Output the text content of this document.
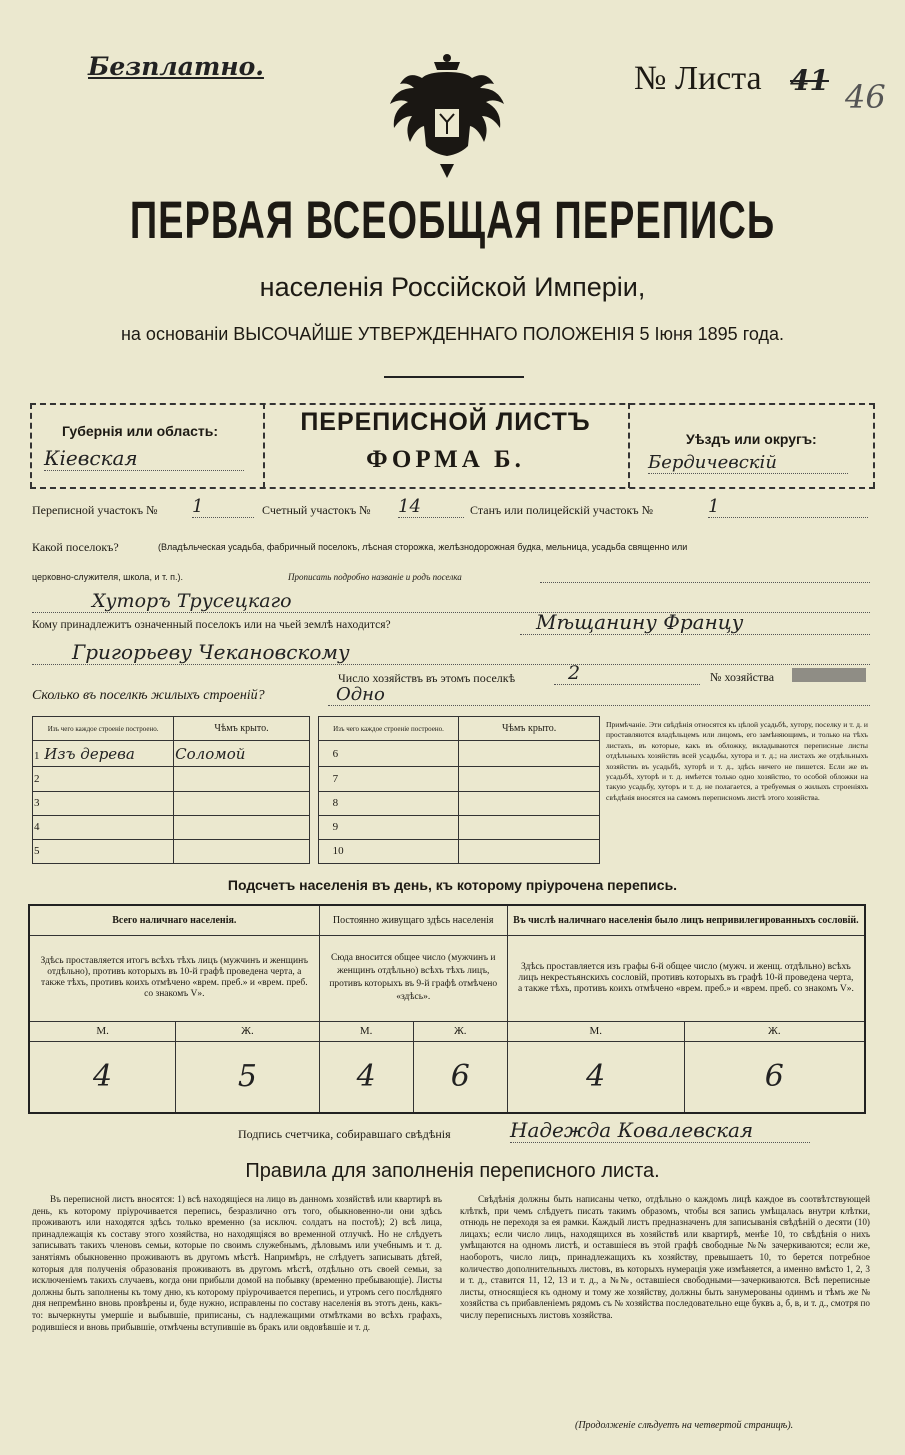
Безплатно.	№ Листа 41 46
ПЕРВАЯ ВСЕОБЩАЯ ПЕРЕПИСЬ
населенія Россійской Имперіи,
на основаніи ВЫСОЧАЙШЕ УТВЕРЖДЕННАГО ПОЛОЖЕНІЯ 5 Іюня 1895 года.
Губернія или область:
Кіевская
ПЕРЕПИСНОЙ ЛИСТЪ
ФОРМА Б.
Уѣздъ или округъ:
Бердичевскій
Переписной участокъ № 1	Счетный участокъ № 14	Станъ или полицейскій участокъ №	1
Какой поселокъ?	(Владѣльческая усадьба, фабричный поселокъ, лѣсная сторожка, желѣзнодорожная будка, мельница, усадьба священно или
церковно-служителя, школа, и т. п.).	Прописать подробно названіе и родъ поселка
Хуторъ Трусецкаго
Кому принадлежитъ означенный поселокъ или на чьей землѣ находится?	Мѣщанину Францу
Григорьеву Чекановскому
Число хозяйствъ въ этомъ поселкѣ	2	№ хозяйства
Сколько въ поселкѣ жилыхъ строеній?	Одно
Изъ чего каждое строеніе построено.	Чѣмъ крыто.		Изъ чего каждое строеніе построено.	Чѣмъ крыто.
1 Изъ дерева	Соломой		6	
2			7	
3			8	
4			9	
5			10	
Примѣчаніе. Эти свѣдѣнія относятся къ цѣлой усадьбѣ, хутору, поселку и т. д. и проставляются владѣльцемъ или лицомъ, его замѣняющимъ, и только на тѣхъ листахъ, въ которые, какъ въ обложку, вкладываются переписные листы отдѣльныхъ хозяйствъ всей усадьбы, хутора и т. д.; на листахъ же отдѣльныхъ хозяйствъ въ усадьбѣ, хуторѣ и т. д., здѣсь ничего не пишется. Если же въ усадьбѣ, хуторѣ и т. д. имѣется только одно хозяйство, то особой обложки на такую усадьбу, хуторъ и т. д. не полагается, а требуемыя о жилыхъ строеніяхъ свѣдѣнія вносятся на самомъ переписномъ листѣ этого хозяйства.
Подсчетъ населенія въ день, къ которому пріурочена перепись.
Всего наличнаго населенія.		Постоянно живущаго здѣсь населенія		Въ числѣ наличнаго населенія было лицъ непривилегированныхъ сословій.	
Здѣсь проставляется итогъ всѣхъ тѣхъ лицъ (мужчинъ и женщинъ отдѣльно), противъ которыхъ въ 10-й графѣ проведена черта, а также тѣхъ, противъ коихъ отмѣчено «врем. преб.» и «врем. преб. со знакомъ V».		Сюда вносится общее число (мужчинъ и женщинъ отдѣльно) всѣхъ тѣхъ лицъ, противъ которыхъ въ 9-й графѣ отмѣчено «здѣсь».		Здѣсь проставляется изъ графы 6-й общее число (мужч. и женщ. отдѣльно) всѣхъ лицъ некрестьянскихъ сословій, противъ которыхъ въ графѣ 10-й проведена черта, а также тѣхъ, противъ коихъ отмѣчено «врем. преб.» и «врем. преб. со знакомъ V».	
М.	Ж.	М.	Ж.	М.	Ж.
4	5	4	6	4	6
Подпись счетчика, собиравшаго свѣдѣнія	Надежда Ковалевская
Правила для заполненія переписного листа.
Въ переписной листъ вносятся: 1) всѣ находящіеся на лицо въ данномъ хозяйствѣ или квартирѣ въ день, къ которому пріурочивается перепись, безразлично отъ того, обыкновенно-ли они здѣсь проживаютъ или находятся здѣсь только временно (за исключ. солдатъ на постоѣ); 2) всѣ лица, принадлежащія къ составу этого хозяйства, но находящіяся во временной отлучкѣ. Но не слѣдуетъ записывать такихъ членовъ семьи, которые по своимъ служебнымъ, дѣловымъ или учебнымъ и т. д. занятіямъ обыкновенно проживаютъ въ другомъ мѣстѣ. Напримѣръ, не слѣдуетъ записывать дѣтей, которыя для полученія образованія проживаютъ въ другомъ мѣстѣ, отдѣльно отъ своей семьи, за исключеніемъ такихъ случаевъ, когда они прибыли домой на побывку (временно пребывающіе). Листы должны быть заполнены къ тому дню, къ которому пріурочивается перепись, и утромъ сего послѣдняго дня непремѣнно вновь провѣрены и, буде нужно, исправлены по составу населенія въ этотъ день, какъ-то: вычеркнуты умершіе и выбывшіе, приписаны, съ надлежащими отмѣтками во всѣхъ графахъ, родившіеся и вновь прибывшіе, отмѣчены вступившіе въ бракъ или овдовѣвшіе и т. д.
Свѣдѣнія должны быть написаны четко, отдѣльно о каждомъ лицѣ каждое въ соотвѣтствующей клѣткѣ, при чемъ слѣдуетъ писать такимъ образомъ, чтобы вся запись умѣщалась внутри клѣтки, отнюдь не переходя за ея рамки. Каждый листъ предназначенъ для записыванія свѣдѣній о десяти (10) лицахъ; если число лицъ, находящихся въ хозяйствѣ или квартирѣ, менѣе 10, то свѣдѣнія о нихъ умѣщаются на одномъ листѣ, и оставшіеся въ этой графѣ свободные №№ зачеркиваются; если же, наоборотъ, число лицъ, принадлежащихъ къ хозяйству, превышаетъ 10, то берется потребное количество дополнительныхъ листовъ, въ которыхъ нумерація уже измѣняется, а именно вмѣсто 1, 2, 3 и т. д., ставится 11, 12, 13 и т. д., а №№, оставшіеся свободными—зачеркиваются. Всѣ переписные листы, относящіеся къ одному и тому же хозяйству, должны быть занумерованы одинмъ и тѣмъ же № хозяйства съ прибавленіемъ рядомъ съ № хозяйства последовательно еще буквъ а, б, в, и т. д., смотря по числу переписныхъ листовъ хозяйства.
(Продолженіе слѣдуетъ на четвертой страницѣ).
